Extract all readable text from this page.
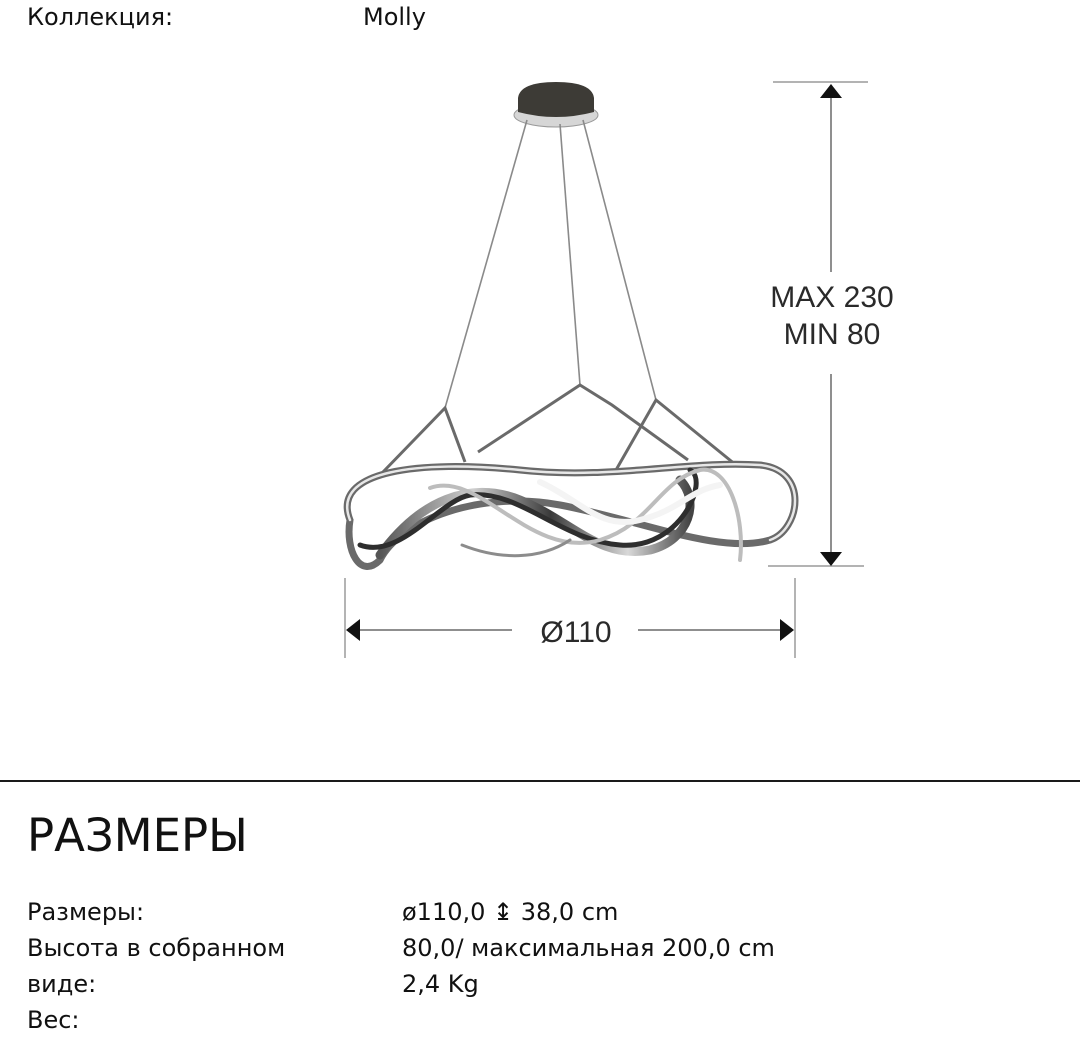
Коллекция:	Molly
MAX 230
MIN 80
Ø110
РАЗМЕРЫ
Размеры:
Высота в собранном
виде:
Вес:
ø110,0 ↨ 38,0 cm
80,0/ максимальная 200,0 cm
2,4 Kg
